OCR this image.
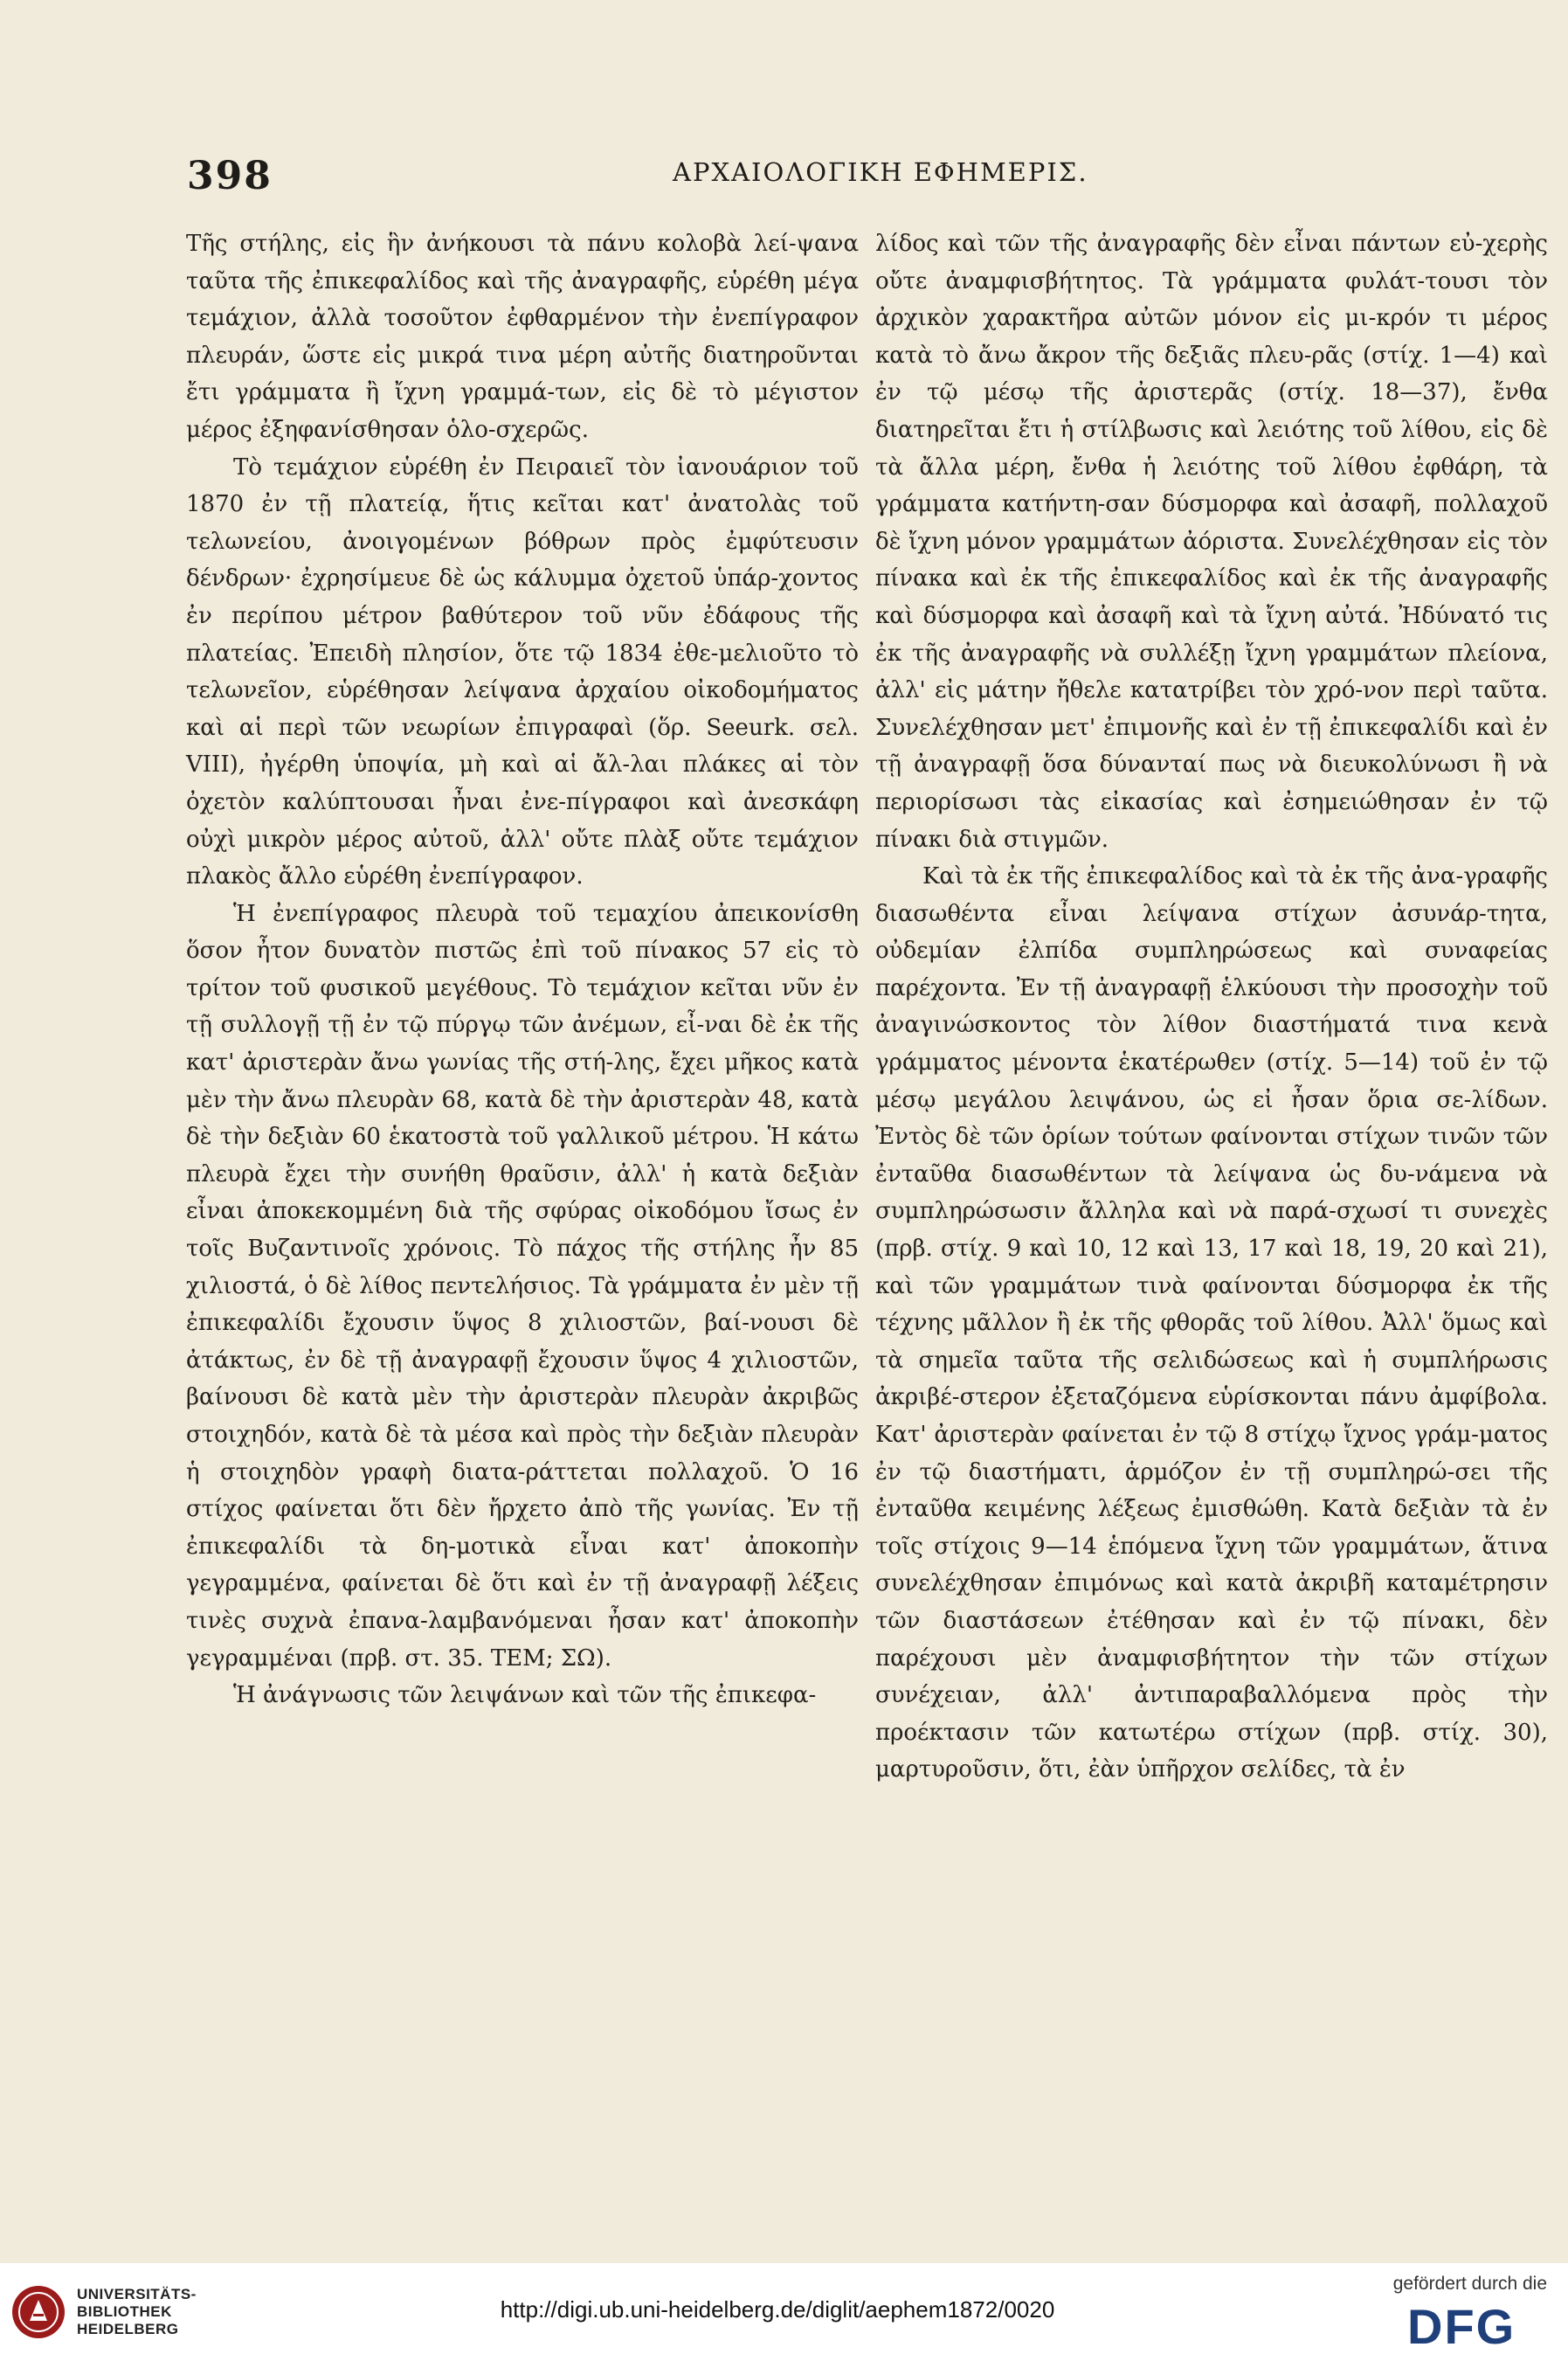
398	ΑΡΧΑΙΟΛΟΓΙΚΗ ΕΦΗΜΕΡΙΣ.

Τῆς στήλης, εἰς ἣν ἀνήκουσι τὰ πάνυ κολοβὰ λεί-ψανα ταῦτα τῆς ἐπικεφαλίδος καὶ τῆς ἀναγραφῆς, εὑρέθη μέγα τεμάχιον, ἀλλὰ τοσοῦτον ἐφθαρμένον τὴν ἐνεπίγραφον πλευράν, ὥστε εἰς μικρά τινα μέρη αὐτῆς διατηροῦνται ἔτι γράμματα ἢ ἴχνη γραμμά-των, εἰς δὲ τὸ μέγιστον μέρος ἐξηφανίσθησαν ὁλο-σχερῶς.

Τὸ τεμάχιον εὑρέθη ἐν Πειραιεῖ τὸν ἰανουάριον τοῦ 1870 ἐν τῇ πλατείᾳ, ἥτις κεῖται κατ' ἀνατολὰς τοῦ τελωνείου, ἀνοιγομένων βόθρων πρὸς ἐμφύτευσιν δένδρων· ἐχρησίμευε δὲ ὡς κάλυμμα ὀχετοῦ ὑπάρ-χοντος ἐν περίπου μέτρον βαθύτερον τοῦ νῦν ἐδάφους τῆς πλατείας. Ἐπειδὴ πλησίον, ὅτε τῷ 1834 ἐθε-μελιοῦτο τὸ τελωνεῖον, εὑρέθησαν λείψανα ἀρχαίου οἰκοδομήματος καὶ αἱ περὶ τῶν νεωρίων ἐπιγραφαὶ (ὅρ. Seeurk. σελ. VIII), ἠγέρθη ὑποψία, μὴ καὶ αἱ ἄλ-λαι πλάκες αἱ τὸν ὀχετὸν καλύπτουσαι ἦναι ἐνε-πίγραφοι καὶ ἀνεσκάφη οὐχὶ μικρὸν μέρος αὐτοῦ, ἀλλ' οὔτε πλὰξ οὔτε τεμάχιον πλακὸς ἄλλο εὑρέθη ἐνεπίγραφον.

Ἡ ἐνεπίγραφος πλευρὰ τοῦ τεμαχίου ἀπεικονίσθη ὅσον ἦτον δυνατὸν πιστῶς ἐπὶ τοῦ πίνακος 57 εἰς τὸ τρίτον τοῦ φυσικοῦ μεγέθους. Τὸ τεμάχιον κεῖται νῦν ἐν τῇ συλλογῇ τῇ ἐν τῷ πύργῳ τῶν ἀνέμων, εἶ-ναι δὲ ἐκ τῆς κατ' ἀριστερὰν ἄνω γωνίας τῆς στή-λης, ἔχει μῆκος κατὰ μὲν τὴν ἄνω πλευρὰν 68, κατὰ δὲ τὴν ἀριστερὰν 48, κατὰ δὲ τὴν δεξιὰν 60 ἑκατοστὰ τοῦ γαλλικοῦ μέτρου. Ἡ κάτω πλευρὰ ἔχει τὴν συνήθη θραῦσιν, ἀλλ' ἡ κατὰ δεξιὰν εἶναι ἀποκεκομμένη διὰ τῆς σφύρας οἰκοδόμου ἴσως ἐν τοῖς Βυζαντινοῖς χρόνοις. Τὸ πάχος τῆς στήλης ἦν 85 χιλιοστά, ὁ δὲ λίθος πεντελήσιος. Τὰ γράμματα ἐν μὲν τῇ ἐπικεφαλίδι ἔχουσιν ὕψος 8 χιλιοστῶν, βαί-νουσι δὲ ἀτάκτως, ἐν δὲ τῇ ἀναγραφῇ ἔχουσιν ὕψος 4 χιλιοστῶν, βαίνουσι δὲ κατὰ μὲν τὴν ἀριστερὰν πλευρὰν ἀκριβῶς στοιχηδόν, κατὰ δὲ τὰ μέσα καὶ πρὸς τὴν δεξιὰν πλευρὰν ἡ στοιχηδὸν γραφὴ διατα-ράττεται πολλαχοῦ. Ὁ 16 στίχος φαίνεται ὅτι δὲν ἤρχετο ἀπὸ τῆς γωνίας. Ἐν τῇ ἐπικεφαλίδι τὰ δη-μοτικὰ εἶναι κατ' ἀποκοπὴν γεγραμμένα, φαίνεται δὲ ὅτι καὶ ἐν τῇ ἀναγραφῇ λέξεις τινὲς συχνὰ ἐπανα-λαμβανόμεναι ἦσαν κατ' ἀποκοπὴν γεγραμμέναι (πρβ. στ. 35. ΤΕΜ; ΣΩ).

Ἡ ἀνάγνωσις τῶν λειψάνων καὶ τῶν τῆς ἐπικεφα-

λίδος καὶ τῶν τῆς ἀναγραφῆς δὲν εἶναι πάντων εὐ-χερὴς οὔτε ἀναμφισβήτητος. Τὰ γράμματα φυλάτ-τουσι τὸν ἀρχικὸν χαρακτῆρα αὐτῶν μόνον εἰς μι-κρόν τι μέρος κατὰ τὸ ἄνω ἄκρον τῆς δεξιᾶς πλευ-ρᾶς (στίχ. 1—4) καὶ ἐν τῷ μέσῳ τῆς ἀριστερᾶς (στίχ. 18—37), ἔνθα διατηρεῖται ἔτι ἡ στίλβωσις καὶ λειότης τοῦ λίθου, εἰς δὲ τὰ ἄλλα μέρη, ἔνθα ἡ λειότης τοῦ λίθου ἐφθάρη, τὰ γράμματα κατήντη-σαν δύσμορφα καὶ ἀσαφῆ, πολλαχοῦ δὲ ἴχνη μόνον γραμμάτων ἀόριστα. Συνελέχθησαν εἰς τὸν πίνακα καὶ ἐκ τῆς ἐπικεφαλίδος καὶ ἐκ τῆς ἀναγραφῆς καὶ δύσμορφα καὶ ἀσαφῆ καὶ τὰ ἴχνη αὐτά. Ἠδύνατό τις ἐκ τῆς ἀναγραφῆς νὰ συλλέξῃ ἴχνη γραμμάτων πλείονα, ἀλλ' εἰς μάτην ἤθελε κατατρίβει τὸν χρό-νον περὶ ταῦτα. Συνελέχθησαν μετ' ἐπιμονῆς καὶ ἐν τῇ ἐπικεφαλίδι καὶ ἐν τῇ ἀναγραφῇ ὅσα δύνανταί πως νὰ διευκολύνωσι ἢ νὰ περιορίσωσι τὰς εἰκασίας καὶ ἐσημειώθησαν ἐν τῷ πίνακι διὰ στιγμῶν.

Καὶ τὰ ἐκ τῆς ἐπικεφαλίδος καὶ τὰ ἐκ τῆς ἀνα-γραφῆς διασωθέντα εἶναι λείψανα στίχων ἀσυνάρ-τητα, οὐδεμίαν ἐλπίδα συμπληρώσεως καὶ συναφείας παρέχοντα. Ἐν τῇ ἀναγραφῇ ἑλκύουσι τὴν προσοχὴν τοῦ ἀναγινώσκοντος τὸν λίθον διαστήματά τινα κενὰ γράμματος μένοντα ἑκατέρωθεν (στίχ. 5—14) τοῦ ἐν τῷ μέσῳ μεγάλου λειψάνου, ὡς εἰ ἦσαν ὅρια σε-λίδων. Ἐντὸς δὲ τῶν ὁρίων τούτων φαίνονται στίχων τινῶν τῶν ἐνταῦθα διασωθέντων τὰ λείψανα ὡς δυ-νάμενα νὰ συμπληρώσωσιν ἄλληλα καὶ νὰ παρά-σχωσί τι συνεχὲς (πρβ. στίχ. 9 καὶ 10, 12 καὶ 13, 17 καὶ 18, 19, 20 καὶ 21), καὶ τῶν γραμμάτων τινὰ φαίνονται δύσμορφα ἐκ τῆς τέχνης μᾶλλον ἢ ἐκ τῆς φθορᾶς τοῦ λίθου. Ἀλλ' ὅμως καὶ τὰ σημεῖα ταῦτα τῆς σελιδώσεως καὶ ἡ συμπλήρωσις ἀκριβέ-στερον ἐξεταζόμενα εὑρίσκονται πάνυ ἀμφίβολα. Κατ' ἀριστερὰν φαίνεται ἐν τῷ 8 στίχῳ ἴχνος γράμ-ματος ἐν τῷ διαστήματι, ἁρμόζον ἐν τῇ συμπληρώ-σει τῆς ἐνταῦθα κειμένης λέξεως ἐμισθώθη. Κατὰ δεξιὰν τὰ ἐν τοῖς στίχοις 9—14 ἑπόμενα ἴχνη τῶν γραμμάτων, ἅτινα συνελέχθησαν ἐπιμόνως καὶ κατὰ ἀκριβῆ καταμέτρησιν τῶν διαστάσεων ἐτέθησαν καὶ ἐν τῷ πίνακι, δὲν παρέχουσι μὲν ἀναμφισβήτητον τὴν τῶν στίχων συνέχειαν, ἀλλ' ἀντιπαραβαλλόμενα πρὸς τὴν προέκτασιν τῶν κατωτέρω στίχων (πρβ. στίχ. 30), μαρτυροῦσιν, ὅτι, ἐὰν ὑπῆρχον σελίδες, τὰ ἐν

UNIVERSITÄTS-
BIBLIOTHEK
HEIDELBERG
http://digi.ub.uni-heidelberg.de/diglit/aephem1872/0020
gefördert durch die
DFG
